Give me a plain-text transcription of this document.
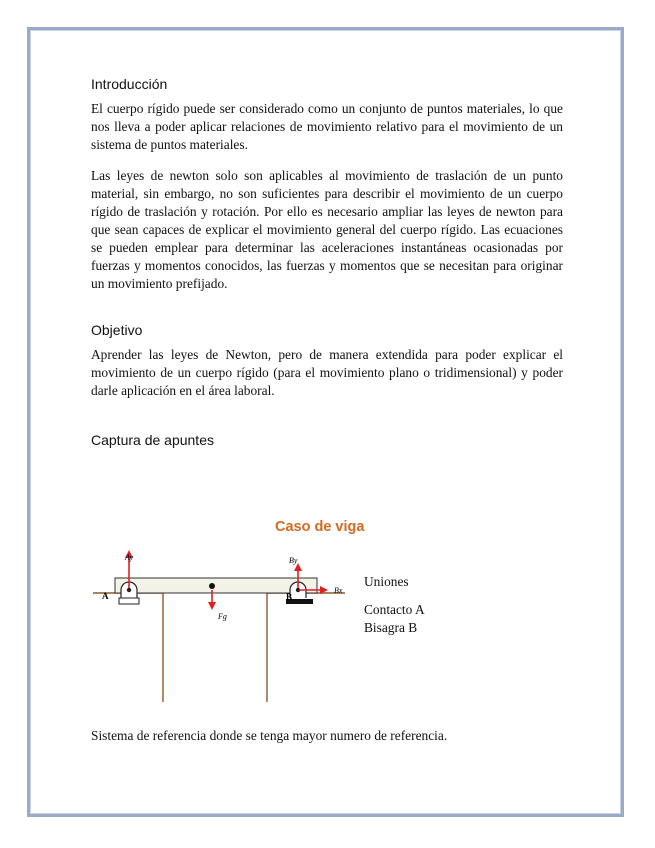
Introducción

El cuerpo rígido puede ser considerado como un conjunto de puntos materiales, lo que nos lleva a poder aplicar relaciones de movimiento relativo para el movimiento de un sistema de puntos materiales.

Las leyes de newton solo son aplicables al movimiento de traslación de un punto material, sin embargo, no son suficientes para describir el movimiento de un cuerpo rígido de traslación y rotación. Por ello es necesario ampliar las leyes de newton para que sean capaces de explicar el movimiento general del cuerpo rígido. Las ecuaciones se pueden emplear para determinar las aceleraciones instantáneas ocasionadas por fuerzas y momentos conocidos, las fuerzas y momentos que se necesitan para originar un movimiento prefijado.

Objetivo

Aprender las leyes de Newton, pero de manera extendida para poder explicar el movimiento de un cuerpo rígido (para el movimiento plano o tridimensional) y poder darle aplicación en el área laboral.

Captura de apuntes
Caso de viga
A	B
Ay	By
Bx
Fg
Uniones
Contacto A
Bisagra B

Sistema de referencia donde se tenga mayor numero de referencia.
